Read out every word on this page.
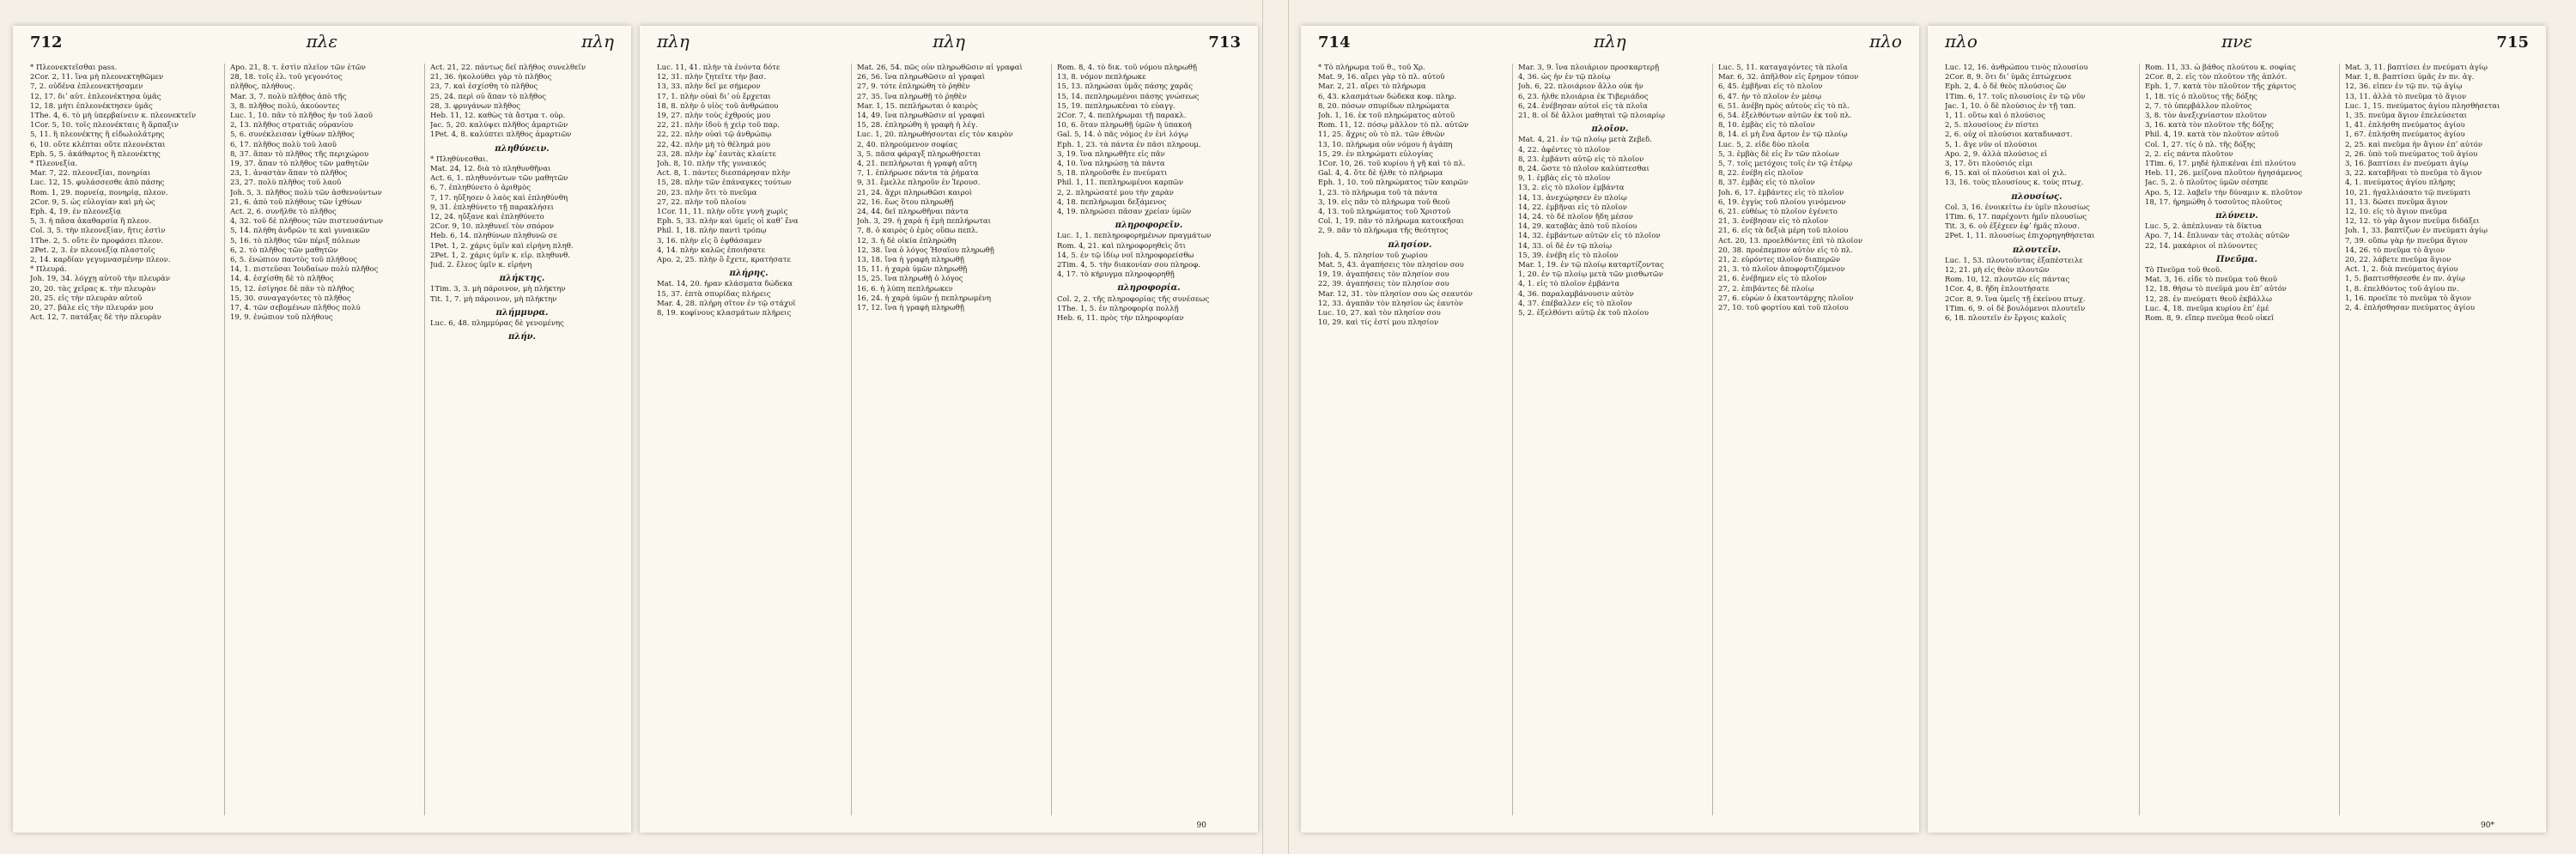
712	πλε	πλη
* Πλεονεκτεῖσθαι pass.
2Cor. 2, 11. ἵνα μὴ πλεονεκτηθῶμεν
7, 2. οὐδένα ἐπλεονεκτήσαμεν
12, 17. διʼ αὐτ. ἐπλεονέκτησα ὑμᾶς
12, 18. μήτι ἐπλεονέκτησεν ὑμᾶς
1The. 4, 6. τὸ μὴ ὑπερβαίνειν κ. πλεονεκτεῖν
1Cor. 5, 10. τοῖς πλεονέκταις ἢ ἅρπαξιν
5, 11. ἢ πλεονέκτης ἢ εἰδωλολάτρης
6, 10. οὔτε κλέπται οὔτε πλεονέκται
Eph. 5, 5. ἀκάθαρτος ἢ πλεονέκτης
* Πλεονεξία.
Mar. 7, 22. πλεονεξίαι, πονηρίαι
Luc. 12, 15. φυλάσσεσθε ἀπὸ πάσης
Rom. 1, 29. πορνείᾳ, πονηρίᾳ, πλεον.
2Cor. 9, 5. ὡς εὐλογίαν καὶ μὴ ὡς
Eph. 4, 19. ἐν πλεονεξίᾳ
5, 3. ἡ πᾶσα ἀκαθαρσία ἢ πλεον.
Col. 3, 5. τὴν πλεονεξίαν, ἥτις ἐστὶν
1The. 2, 5. οὔτε ἐν προφάσει πλεον.
2Pet. 2, 3. ἐν πλεονεξίᾳ πλαστοῖς
2, 14. καρδίαν γεγυμνασμένην πλεον.
* Πλευρά.
Joh. 19, 34. λόγχῃ αὐτοῦ τὴν πλευρὰν
20, 20. τὰς χεῖρας κ. τὴν πλευρὰν
20, 25. εἰς τὴν πλευρὰν αὐτοῦ
20, 27. βάλε εἰς τὴν πλευράν μου
Act. 12, 7. πατάξας δὲ τὴν πλευρὰν
Apo. 21, 8. τ. ἐστὶν πλεῖον τῶν ἐτῶν
28, 18. τοῖς ἐλ. τοῦ γεγονότος
πλῆθος, πλήθους.
Mar. 3, 7. πολὺ πλῆθος ἀπὸ τῆς
3, 8. πλῆθος πολύ, ἀκούοντες
Luc. 1, 10. πᾶν τὸ πλῆθος ἦν τοῦ λαοῦ
2, 13. πλῆθος στρατιᾶς οὐρανίου
5, 6. συνέκλεισαν ἰχθύων πλῆθος
6, 17. πλῆθος πολὺ τοῦ λαοῦ
8, 37. ἅπαν τὸ πλῆθος τῆς περιχώρου
19, 37. ἅπαν τὸ πλῆθος τῶν μαθητῶν
23, 1. ἀναστὰν ἅπαν τὸ πλῆθος
23, 27. πολὺ πλῆθος τοῦ λαοῦ
Joh. 5, 3. πλῆθος πολὺ τῶν ἀσθενούντων
21, 6. ἀπὸ τοῦ πλήθους τῶν ἰχθύων
Act. 2, 6. συνῆλθε τὸ πλῆθος
4, 32. τοῦ δὲ πλήθους τῶν πιστευσάντων
5, 14. πλήθη ἀνδρῶν τε καὶ γυναικῶν
5, 16. τὸ πλῆθος τῶν πέριξ πόλεων
6, 2. τὸ πλῆθος τῶν μαθητῶν
6, 5. ἐνώπιον παντὸς τοῦ πλήθους
14, 1. πιστεῦσαι Ἰουδαίων πολὺ πλῆθος
14, 4. ἐσχίσθη δὲ τὸ πλῆθος
15, 12. ἐσίγησε δὲ πᾶν τὸ πλῆθος
15, 30. συναγαγόντες τὸ πλῆθος
17, 4. τῶν σεβομένων πλῆθος πολύ
19, 9. ἐνώπιον τοῦ πλήθους
Act. 21, 22. πάντως δεῖ πλῆθος συνελθεῖν
21, 36. ἠκολούθει γὰρ τὸ πλῆθος
23, 7. καὶ ἐσχίσθη τὸ πλῆθος
25, 24. περὶ οὗ ἅπαν τὸ πλῆθος
28, 3. φρυγάνων πλῆθος
Heb. 11, 12. καθὼς τὰ ἄστρα τ. οὐρ.
Jac. 5, 20. καλύψει πλῆθος ἁμαρτιῶν
1Pet. 4, 8. καλύπτει πλῆθος ἁμαρτιῶν
πληθύνειν.
* Πληθύνεσθαι.
Mat. 24, 12. διὰ τὸ πληθυνθῆναι
Act. 6, 1. πληθυνόντων τῶν μαθητῶν
6, 7. ἐπληθύνετο ὁ ἀριθμὸς
7, 17. ηὔξησεν ὁ λαὸς καὶ ἐπληθύνθη
9, 31. ἐπληθύνετο τῇ παρακλήσει
12, 24. ηὔξανε καὶ ἐπληθύνετο
2Cor. 9, 10. πληθυνεῖ τὸν σπόρον
Heb. 6, 14. πληθύνων πληθυνῶ σε
1Pet. 1, 2. χάρις ὑμῖν καὶ εἰρήνη πληθ.
2Pet. 1, 2. χάρις ὑμῖν κ. εἰρ. πληθυνθ.
Jud. 2. ἔλεος ὑμῖν κ. εἰρήνη
πλήκτης.
1Tim. 3, 3. μὴ πάροινον, μὴ πλήκτην
Tit. 1, 7. μὴ πάροινον, μὴ πλήκτην
πλήμμυρα.
Luc. 6, 48. πλημμύρας δὲ γενομένης
πλήν.
πλη	πλη	713
Luc. 11, 41. πλὴν τὰ ἐνόντα δότε
12, 31. πλὴν ζητεῖτε τὴν βασ.
13, 33. πλὴν δεῖ με σήμερον
17, 1. πλὴν οὐαὶ διʼ οὗ ἔρχεται
18, 8. πλὴν ὁ υἱὸς τοῦ ἀνθρώπου
19, 27. πλὴν τοὺς ἐχθρούς μου
22, 21. πλὴν ἰδοὺ ἡ χεὶρ τοῦ παρ.
22, 22. πλὴν οὐαὶ τῷ ἀνθρώπῳ
22, 42. πλὴν μὴ τὸ θέλημά μου
23, 28. πλὴν ἐφʼ ἑαυτὰς κλαίετε
Joh. 8, 10. πλὴν τῆς γυναικός
Act. 8, 1. πάντες διεσπάρησαν πλὴν
15, 28. πλὴν τῶν ἐπάναγκες τούτων
20, 23. πλὴν ὅτι τὸ πνεῦμα
27, 22. πλὴν τοῦ πλοίου
1Cor. 11, 11. πλὴν οὔτε γυνὴ χωρὶς
Eph. 5, 33. πλὴν καὶ ὑμεῖς οἱ καθʼ ἕνα
Phil. 1, 18. πλὴν παντὶ τρόπῳ
3, 16. πλὴν εἰς ὃ ἐφθάσαμεν
4, 14. πλὴν καλῶς ἐποιήσατε
Apo. 2, 25. πλὴν ὃ ἔχετε, κρατήσατε
πλήρης.
Mat. 14, 20. ἦραν κλάσματα δώδεκα
15, 37. ἑπτὰ σπυρίδας πλήρεις
Mar. 4, 28. πλήρη σῖτον ἐν τῷ στάχυϊ
8, 19. κοφίνους κλασμάτων πλήρεις
Mat. 26, 54. πῶς οὖν πληρωθῶσιν αἱ γραφαὶ
26, 56. ἵνα πληρωθῶσιν αἱ γραφαὶ
27, 9. τότε ἐπληρώθη τὸ ῥηθὲν
27, 35. ἵνα πληρωθῇ τὸ ῥηθὲν
Mar. 1, 15. πεπλήρωται ὁ καιρὸς
14, 49. ἵνα πληρωθῶσιν αἱ γραφαὶ
15, 28. ἐπληρώθη ἡ γραφὴ ἡ λέγ.
Luc. 1, 20. πληρωθήσονται εἰς τὸν καιρὸν
2, 40. πληρούμενον σοφίας
3, 5. πᾶσα φάραγξ πληρωθήσεται
4, 21. πεπλήρωται ἡ γραφὴ αὕτη
7, 1. ἐπλήρωσε πάντα τὰ ῥήματα
9, 31. ἔμελλε πληροῦν ἐν Ἱερουσ.
21, 24. ἄχρι πληρωθῶσι καιροὶ
22, 16. ἕως ὅτου πληρωθῇ
24, 44. δεῖ πληρωθῆναι πάντα
Joh. 3, 29. ἡ χαρὰ ἡ ἐμὴ πεπλήρωται
7, 8. ὁ καιρὸς ὁ ἐμὸς οὔπω πεπλ.
12, 3. ἡ δὲ οἰκία ἐπληρώθη
12, 38. ἵνα ὁ λόγος Ἡσαΐου πληρωθῇ
13, 18. ἵνα ἡ γραφὴ πληρωθῇ
15, 11. ἡ χαρὰ ὑμῶν πληρωθῇ
15, 25. ἵνα πληρωθῇ ὁ λόγος
16, 6. ἡ λύπη πεπλήρωκεν
16, 24. ἡ χαρὰ ὑμῶν ᾖ πεπληρωμένη
17, 12. ἵνα ἡ γραφὴ πληρωθῇ
Rom. 8, 4. τὸ δικ. τοῦ νόμου πληρωθῇ
13, 8. νόμον πεπλήρωκε
15, 13. πληρώσαι ὑμᾶς πάσης χαρᾶς
15, 14. πεπληρωμένοι πάσης γνώσεως
15, 19. πεπληρωκέναι τὸ εὐαγγ.
2Cor. 7, 4. πεπλήρωμαι τῇ παρακλ.
10, 6. ὅταν πληρωθῇ ὑμῶν ἡ ὑπακοή
Gal. 5, 14. ὁ πᾶς νόμος ἐν ἑνὶ λόγῳ
Eph. 1, 23. τὰ πάντα ἐν πᾶσι πληρουμ.
3, 19. ἵνα πληρωθῆτε εἰς πᾶν
4, 10. ἵνα πληρώσῃ τὰ πάντα
5, 18. πληροῦσθε ἐν πνεύματι
Phil. 1, 11. πεπληρωμένοι καρπῶν
2, 2. πληρώσατέ μου τὴν χαρὰν
4, 18. πεπλήρωμαι δεξάμενος
4, 19. πληρώσει πᾶσαν χρείαν ὑμῶν
πληροφορεῖν.
Luc. 1, 1. πεπληροφορημένων πραγμάτων
Rom. 4, 21. καὶ πληροφορηθεὶς ὅτι
14, 5. ἐν τῷ ἰδίῳ νοῒ πληροφορείσθω
2Tim. 4, 5. τὴν διακονίαν σου πληροφ.
4, 17. τὸ κήρυγμα πληροφορηθῇ
πληροφορία.
Col. 2, 2. τῆς πληροφορίας τῆς συνέσεως
1The. 1, 5. ἐν πληροφορίᾳ πολλῇ
Heb. 6, 11. πρὸς τὴν πληροφορίαν
90
714	πλη	πλο
* Τὸ πλήρωμα τοῦ θ., τοῦ Χρ.
Mat. 9, 16. αἴρει γὰρ τὸ πλ. αὐτοῦ
Mar. 2, 21. αἴρει τὸ πλήρωμα
6, 43. κλασμάτων δώδεκα κοφ. πληρ.
8, 20. πόσων σπυρίδων πληρώματα
Joh. 1, 16. ἐκ τοῦ πληρώματος αὐτοῦ
Rom. 11, 12. πόσῳ μᾶλλον τὸ πλ. αὐτῶν
11, 25. ἄχρις οὗ τὸ πλ. τῶν ἐθνῶν
13, 10. πλήρωμα οὖν νόμου ἡ ἀγάπη
15, 29. ἐν πληρώματι εὐλογίας
1Cor. 10, 26. τοῦ κυρίου ἡ γῆ καὶ τὸ πλ.
Gal. 4, 4. ὅτε δὲ ἦλθε τὸ πλήρωμα
Eph. 1, 10. τοῦ πληρώματος τῶν καιρῶν
1, 23. τὸ πλήρωμα τοῦ τὰ πάντα
3, 19. εἰς πᾶν τὸ πλήρωμα τοῦ θεοῦ
4, 13. τοῦ πληρώματος τοῦ Χριστοῦ
Col. 1, 19. πᾶν τὸ πλήρωμα κατοικῆσαι
2, 9. πᾶν τὸ πλήρωμα τῆς θεότητος
πλησίον.
Joh. 4, 5. πλησίον τοῦ χωρίου
Mat. 5, 43. ἀγαπήσεις τὸν πλησίον σου
19, 19. ἀγαπήσεις τὸν πλησίον σου
22, 39. ἀγαπήσεις τὸν πλησίον σου
Mar. 12, 31. τὸν πλησίον σου ὡς σεαυτόν
12, 33. ἀγαπᾶν τὸν πλησίον ὡς ἑαυτὸν
Luc. 10, 27. καὶ τὸν πλησίον σου
10, 29. καὶ τίς ἐστί μου πλησίον
Mar. 3, 9. ἵνα πλοιάριον προσκαρτερῇ
4, 36. ὡς ἦν ἐν τῷ πλοίῳ
Joh. 6, 22. πλοιάριον ἄλλο οὐκ ἦν
6, 23. ἦλθε πλοιάρια ἐκ Τιβεριάδος
6, 24. ἐνέβησαν αὐτοὶ εἰς τὰ πλοῖα
21, 8. οἱ δὲ ἄλλοι μαθηταὶ τῷ πλοιαρίῳ
πλοῖον.
Mat. 4, 21. ἐν τῷ πλοίῳ μετὰ Ζεβεδ.
4, 22. ἀφέντες τὸ πλοῖον
8, 23. ἐμβάντι αὐτῷ εἰς τὸ πλοῖον
8, 24. ὥστε τὸ πλοῖον καλύπτεσθαι
9, 1. ἐμβὰς εἰς τὸ πλοῖον
13, 2. εἰς τὸ πλοῖον ἐμβάντα
14, 13. ἀνεχώρησεν ἐν πλοίῳ
14, 22. ἐμβῆναι εἰς τὸ πλοῖον
14, 24. τὸ δὲ πλοῖον ἤδη μέσον
14, 29. καταβὰς ἀπὸ τοῦ πλοίου
14, 32. ἐμβάντων αὐτῶν εἰς τὸ πλοῖον
14, 33. οἱ δὲ ἐν τῷ πλοίῳ
15, 39. ἐνέβη εἰς τὸ πλοῖον
Mar. 1, 19. ἐν τῷ πλοίῳ καταρτίζοντας
1, 20. ἐν τῷ πλοίῳ μετὰ τῶν μισθωτῶν
4, 1. εἰς τὸ πλοῖον ἐμβάντα
4, 36. παραλαμβάνουσιν αὐτὸν
4, 37. ἐπέβαλλεν εἰς τὸ πλοῖον
5, 2. ἐξελθόντι αὐτῷ ἐκ τοῦ πλοίου
Luc. 5, 11. καταγαγόντες τὰ πλοῖα
Mar. 6, 32. ἀπῆλθον εἰς ἔρημον τόπον
6, 45. ἐμβῆναι εἰς τὸ πλοῖον
6, 47. ἦν τὸ πλοῖον ἐν μέσῳ
6, 51. ἀνέβη πρὸς αὐτοὺς εἰς τὸ πλ.
6, 54. ἐξελθόντων αὐτῶν ἐκ τοῦ πλ.
8, 10. ἐμβὰς εἰς τὸ πλοῖον
8, 14. εἰ μὴ ἕνα ἄρτον ἐν τῷ πλοίῳ
Luc. 5, 2. εἶδε δύο πλοῖα
5, 3. ἐμβὰς δὲ εἰς ἓν τῶν πλοίων
5, 7. τοῖς μετόχοις τοῖς ἐν τῷ ἑτέρῳ
8, 22. ἐνέβη εἰς πλοῖον
8, 37. ἐμβὰς εἰς τὸ πλοῖον
Joh. 6, 17. ἐμβάντες εἰς τὸ πλοῖον
6, 19. ἐγγὺς τοῦ πλοίου γινόμενον
6, 21. εὐθέως τὸ πλοῖον ἐγένετο
21, 3. ἐνέβησαν εἰς τὸ πλοῖον
21, 6. εἰς τὰ δεξιὰ μέρη τοῦ πλοίου
Act. 20, 13. προελθόντες ἐπὶ τὸ πλοῖον
20, 38. προέπεμπον αὐτὸν εἰς τὸ πλ.
21, 2. εὑρόντες πλοῖον διαπερῶν
21, 3. τὸ πλοῖον ἀποφορτιζόμενον
21, 6. ἐνέβημεν εἰς τὸ πλοῖον
27, 2. ἐπιβάντες δὲ πλοίῳ
27, 6. εὑρὼν ὁ ἑκατοντάρχης πλοῖον
27, 10. τοῦ φορτίου καὶ τοῦ πλοίου
πλο	πνε	715
Luc. 12, 16. ἀνθρώπου τινὸς πλουσίου
2Cor. 8, 9. ὅτι διʼ ὑμᾶς ἐπτώχευσε
Eph. 2, 4. ὁ δὲ θεὸς πλούσιος ὢν
1Tim. 6, 17. τοῖς πλουσίοις ἐν τῷ νῦν
Jac. 1, 10. ὁ δὲ πλούσιος ἐν τῇ ταπ.
1, 11. οὕτω καὶ ὁ πλούσιος
2, 5. πλουσίους ἐν πίστει
2, 6. οὐχ οἱ πλούσιοι καταδυναστ.
5, 1. ἄγε νῦν οἱ πλούσιοι
Apo. 2, 9. ἀλλὰ πλούσιος εἶ
3, 17. ὅτι πλούσιός εἰμι
6, 15. καὶ οἱ πλούσιοι καὶ οἱ χιλ.
13, 16. τοὺς πλουσίους κ. τοὺς πτωχ.
πλουσίως.
Col. 3, 16. ἐνοικείτω ἐν ὑμῖν πλουσίως
1Tim. 6, 17. παρέχοντι ἡμῖν πλουσίως
Tit. 3, 6. οὗ ἐξέχεεν ἐφʼ ἡμᾶς πλουσ.
2Pet. 1, 11. πλουσίως ἐπιχορηγηθήσεται
πλουτεῖν.
Luc. 1, 53. πλουτοῦντας ἐξαπέστειλε
12, 21. μὴ εἰς θεὸν πλουτῶν
Rom. 10, 12. πλουτῶν εἰς πάντας
1Cor. 4, 8. ἤδη ἐπλουτήσατε
2Cor. 8, 9. ἵνα ὑμεῖς τῇ ἐκείνου πτωχ.
1Tim. 6, 9. οἱ δὲ βουλόμενοι πλουτεῖν
6, 18. πλουτεῖν ἐν ἔργοις καλοῖς
Rom. 11, 33. ὦ βάθος πλούτου κ. σοφίας
2Cor. 8, 2. εἰς τὸν πλοῦτον τῆς ἁπλότ.
Eph. 1, 7. κατὰ τὸν πλοῦτον τῆς χάριτος
1, 18. τίς ὁ πλοῦτος τῆς δόξης
2, 7. τὸ ὑπερβάλλον πλοῦτος
3, 8. τὸν ἀνεξιχνίαστον πλοῦτον
3, 16. κατὰ τὸν πλοῦτον τῆς δόξης
Phil. 4, 19. κατὰ τὸν πλοῦτον αὐτοῦ
Col. 1, 27. τίς ὁ πλ. τῆς δόξης
2, 2. εἰς πάντα πλοῦτον
1Tim. 6, 17. μηδὲ ἠλπικέναι ἐπὶ πλούτου
Heb. 11, 26. μείζονα πλοῦτον ἡγησάμενος
Jac. 5, 2. ὁ πλοῦτος ὑμῶν σέσηπε
Apo. 5, 12. λαβεῖν τὴν δύναμιν κ. πλοῦτον
18, 17. ἠρημώθη ὁ τοσοῦτος πλοῦτος
πλύνειν.
Luc. 5, 2. ἀπέπλυναν τὰ δίκτυα
Apo. 7, 14. ἔπλυναν τὰς στολὰς αὐτῶν
22, 14. μακάριοι οἱ πλύνοντες
Πνεῦμα.
Τὸ Πνεῦμα τοῦ θεοῦ.
Mat. 3, 16. εἶδε τὸ πνεῦμα τοῦ θεοῦ
12, 18. θήσω τὸ πνεῦμά μου ἐπʼ αὐτόν
12, 28. ἐν πνεύματι θεοῦ ἐκβάλλω
Luc. 4, 18. πνεῦμα κυρίου ἐπʼ ἐμέ
Rom. 8, 9. εἴπερ πνεῦμα θεοῦ οἰκεῖ
Mat. 3, 11. βαπτίσει ἐν πνεύματι ἁγίῳ
Mar. 1, 8. βαπτίσει ὑμᾶς ἐν πν. ἁγ.
12, 36. εἶπεν ἐν τῷ πν. τῷ ἁγίῳ
13, 11. ἀλλὰ τὸ πνεῦμα τὸ ἅγιον
Luc. 1, 15. πνεύματος ἁγίου πλησθήσεται
1, 35. πνεῦμα ἅγιον ἐπελεύσεται
1, 41. ἐπλήσθη πνεύματος ἁγίου
1, 67. ἐπλήσθη πνεύματος ἁγίου
2, 25. καὶ πνεῦμα ἦν ἅγιον ἐπʼ αὐτόν
2, 26. ὑπὸ τοῦ πνεύματος τοῦ ἁγίου
3, 16. βαπτίσει ἐν πνεύματι ἁγίῳ
3, 22. καταβῆναι τὸ πνεῦμα τὸ ἅγιον
4, 1. πνεύματος ἁγίου πλήρης
10, 21. ἠγαλλιάσατο τῷ πνεύματι
11, 13. δώσει πνεῦμα ἅγιον
12, 10. εἰς τὸ ἅγιον πνεῦμα
12, 12. τὸ γὰρ ἅγιον πνεῦμα διδάξει
Joh. 1, 33. βαπτίζων ἐν πνεύματι ἁγίῳ
7, 39. οὔπω γὰρ ἦν πνεῦμα ἅγιον
14, 26. τὸ πνεῦμα τὸ ἅγιον
20, 22. λάβετε πνεῦμα ἅγιον
Act. 1, 2. διὰ πνεύματος ἁγίου
1, 5. βαπτισθήσεσθε ἐν πν. ἁγίῳ
1, 8. ἐπελθόντος τοῦ ἁγίου πν.
1, 16. προεῖπε τὸ πνεῦμα τὸ ἅγιον
2, 4. ἐπλήσθησαν πνεύματος ἁγίου
90*
